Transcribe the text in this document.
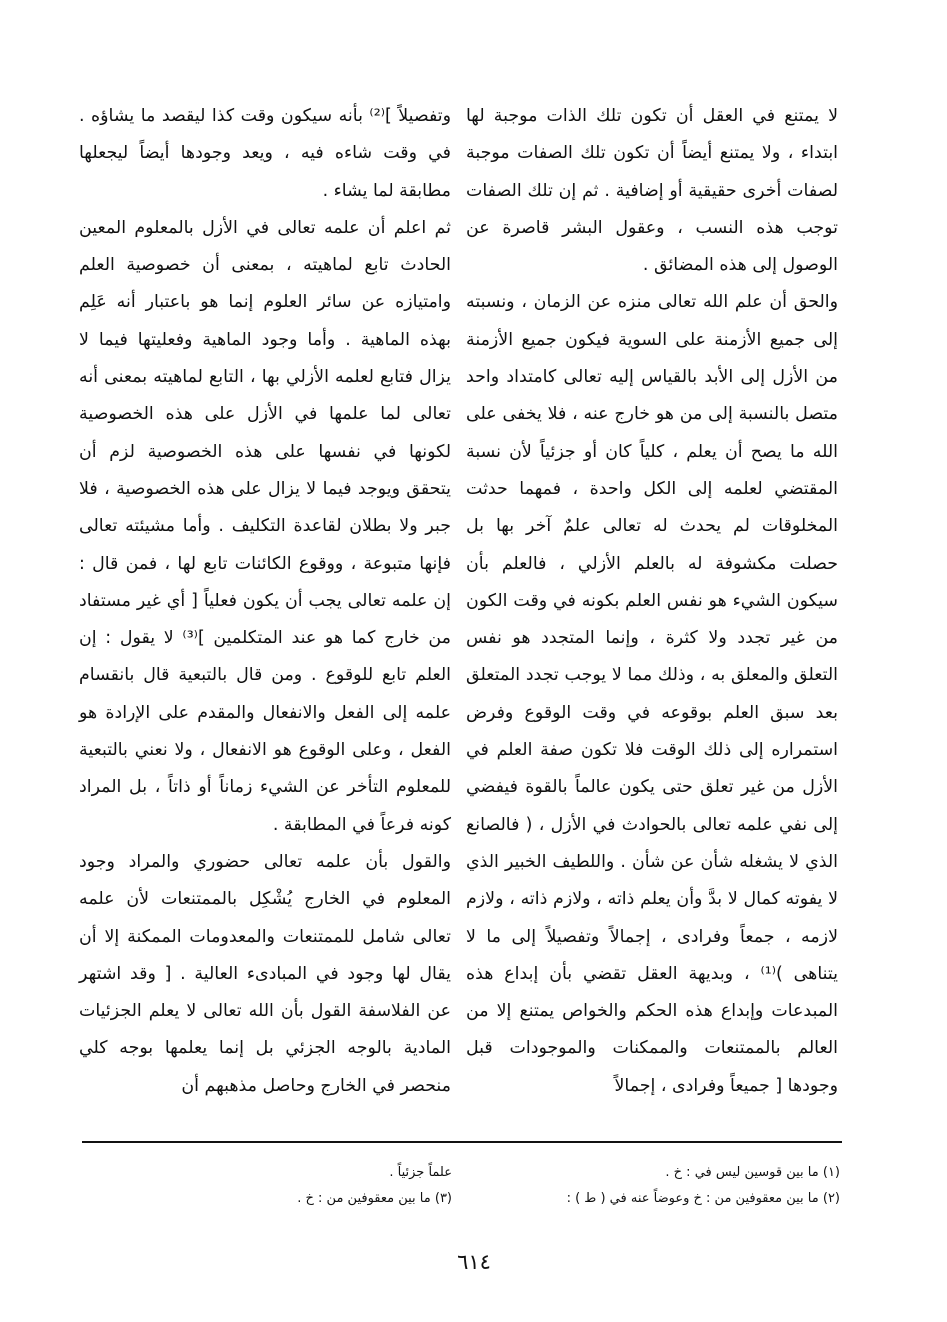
لا يمتنع في العقل أن تكون تلك الذات موجبة لها ابتداء ، ولا يمتنع أيضاً أن تكون تلك الصفات موجبة لصفات أخرى حقيقية أو إضافية . ثم إن تلك الصفات توجب هذه النسب ، وعقول البشر قاصرة عن الوصول إلى هذه المضائق .

والحق أن علم الله تعالى منزه عن الزمان ، ونسبته إلى جميع الأزمنة على السوية فيكون جميع الأزمنة من الأزل إلى الأبد بالقياس إليه تعالى كامتداد واحد متصل بالنسبة إلى من هو خارج عنه ، فلا يخفى على الله ما يصح أن يعلم ، كلياً كان أو جزئياً لأن نسبة المقتضي لعلمه إلى الكل واحدة ، فمهما حدثت المخلوقات لم يحدث له تعالى علمٌ آخر بها بل حصلت مكشوفة له بالعلم الأزلي ، فالعلم بأن سيكون الشيء هو نفس العلم بكونه في وقت الكون من غير تجدد ولا كثرة ، وإنما المتجدد هو نفس التعلق والمعلق به ، وذلك مما لا يوجب تجدد المتعلق بعد سبق العلم بوقوعه في وقت الوقوع وفرض استمراره إلى ذلك الوقت فلا تكون صفة العلم في الأزل من غير تعلق حتى يكون عالماً بالقوة فيفضي إلى نفي علمه تعالى بالحوادث في الأزل ، ( فالصانع الذي لا يشغله شأن عن شأن . واللطيف الخبير الذي لا يفوته كمال لا بدَّ وأن يعلم ذاته ، ولازم ذاته ، ولازم لازمه ، جمعاً وفرادى ، إجمالاً وتفصيلاً إلى ما لا يتناهى )⁽¹⁾ ، وبديهة العقل تقضي بأن إبداع هذه المبدعات وإبداع هذه الحكم والخواص يمتنع إلا من العالم بالممتنعات والممكنات والموجودات قبل وجودها [ جميعاً وفرادى ، إجمالاً

وتفصيلاً ]⁽²⁾ بأنه سيكون وقت كذا ليقصد ما يشاؤه . في وقت شاءه فيه ، ويعد وجودها أيضاً ليجعلها مطابقة لما يشاء .

ثم اعلم أن علمه تعالى في الأزل بالمعلوم المعين الحادث تابع لماهيته ، بمعنى أن خصوصية العلم وامتيازه عن سائر العلوم إنما هو باعتبار أنه عَلِم بهذه الماهية . وأما وجود الماهية وفعليتها فيما لا يزال فتابع لعلمه الأزلي بها ، التابع لماهيته بمعنى أنه تعالى لما علمها في الأزل على هذه الخصوصية لكونها في نفسها على هذه الخصوصية لزم أن يتحقق ويوجد فيما لا يزال على هذه الخصوصية ، فلا جبر ولا بطلان لقاعدة التكليف . وأما مشيئته تعالى فإنها متبوعة ، ووقوع الكائنات تابع لها ، فمن قال : إن علمه تعالى يجب أن يكون فعلياً [ أي غير مستفاد من خارج كما هو عند المتكلمين ]⁽³⁾ لا يقول : إن العلم تابع للوقوع . ومن قال بالتبعية قال بانقسام علمه إلى الفعل والانفعال والمقدم على الإرادة هو الفعل ، وعلى الوقوع هو الانفعال ، ولا نعني بالتبعية للمعلوم التأخر عن الشيء زماناً أو ذاتاً ، بل المراد كونه فرعاً في المطابقة .

والقول بأن علمه تعالى حضوري والمراد وجود المعلوم في الخارج يُشْكِل بالممتنعات لأن علمه تعالى شامل للممتنعات والمعدومات الممكنة إلا أن يقال لها وجود في المبادىء العالية . [ وقد اشتهر عن الفلاسفة القول بأن الله تعالى لا يعلم الجزئيات المادية بالوجه الجزئي بل إنما يعلمها بوجه كلي منحصر في الخارج وحاصل مذهبهم أن

(١) ما بين قوسين ليس في : خ .
(٢) ما بين معقوفين من : خ وعوضاً عنه في ( ط ) :
علماً جزئياً .
(٣) ما بين معقوفين من : خ .
٦١٤
